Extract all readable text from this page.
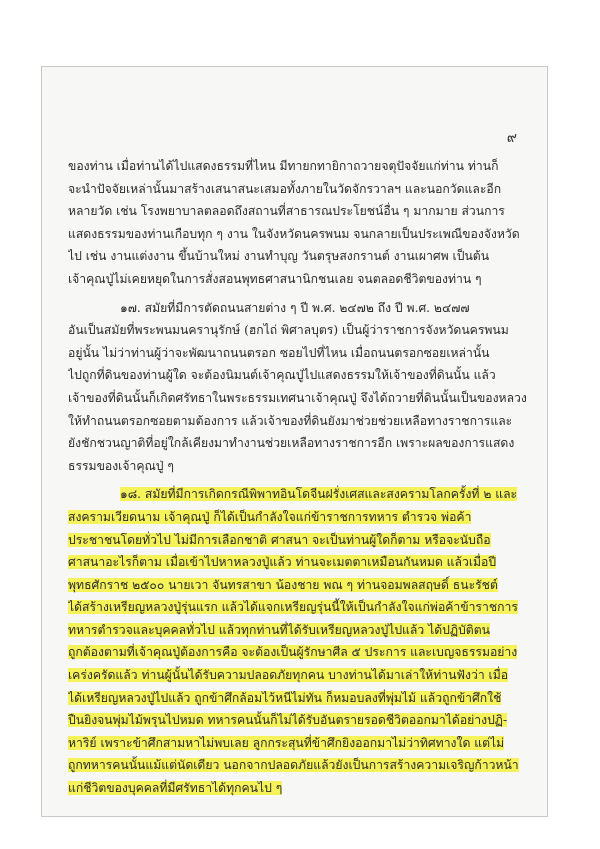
๙
ของท่าน เมื่อท่านได้ไปแสดงธรรมที่ไหน มีทายกทายิกาถวายจตุปัจจัยแก่ท่าน ท่านก็
จะนำปัจจัยเหล่านั้นมาสร้างเสนาสนะเสมอทั้งภายในวัดจักรวาลฯ และนอกวัดและอีก
หลายวัด เช่น โรงพยาบาลตลอดถึงสถานที่สาธารณประโยชน์อื่น ๆ มากมาย ส่วนการ
แสดงธรรมของท่านเกือบทุก ๆ งาน ในจังหวัดนครพนม จนกลายเป็นประเพณีของจังหวัด
ไป เช่น งานแต่งงาน ขึ้นบ้านใหม่ งานทำบุญ วันตรุษสงกรานต์ งานเผาศพ เป็นต้น
เจ้าคุณปู่ไม่เคยหยุดในการสั่งสอนพุทธศาสนานิกชนเลย จนตลอดชีวิตของท่าน ๆ
๑๗. สมัยที่มีการตัดถนนสายต่าง ๆ ปี พ.ศ. ๒๔๗๒ ถึง ปี พ.ศ. ๒๔๗๗
อันเป็นสมัยที่พระพนมนครานุรักษ์ (ฮกไถ่ พิศาลบุตร) เป็นผู้ว่าราชการจังหวัดนครพนม
อยู่นั้น ไม่ว่าท่านผู้ว่าจะพัฒนาถนนตรอก ซอยไปที่ไหน เมื่อถนนตรอกซอยเหล่านั้น
ไปถูกที่ดินของท่านผู้ใด จะต้องนิมนต์เจ้าคุณปู่ไปแสดงธรรมให้เจ้าของที่ดินนั้น แล้ว
เจ้าของที่ดินนั้นก็เกิดศรัทธาในพระธรรมเทศนาเจ้าคุณปู่ จึงได้ถวายที่ดินนั้นเป็นของหลวง
ให้ทำถนนตรอกซอยตามต้องการ แล้วเจ้าของที่ดินยังมาช่วยช่วยเหลือทางราชการและ
ยังชักชวนญาติที่อยู่ใกล้เคียงมาทำงานช่วยเหลือทางราชการอีก เพราะผลของการแสดง
ธรรมของเจ้าคุณปู่ ๆ
๑๘. สมัยที่มีการเกิดกรณีพิพาทอินโดจีนฝรั่งเศสและสงครามโลกครั้งที่ ๒ และ
สงครามเวียดนาม เจ้าคุณปู่ ก็ได้เป็นกำลังใจแก่ข้าราชการทหาร ตำรวจ พ่อค้า
ประชาชนโดยทั่วไป ไม่มีการเลือกชาติ ศาสนา จะเป็นท่านผู้ใดก็ตาม หรือจะนับถือ
ศาสนาอะไรก็ตาม เมื่อเข้าไปหาหลวงปู่แล้ว ท่านจะเมตตาเหมือนกันหมด แล้วเมื่อปี
พุทธศักราช ๒๕๐๐ นายเวา จันทรสาขา น้องชาย พณ ๆ ท่านจอมพลสฤษดิ์ ธนะรัชต์
ได้สร้างเหรียญหลวงปู่รุ่นแรก แล้วได้แจกเหรียญรุ่นนี้ให้เป็นกำลังใจแก่พ่อค้าข้าราชการ
ทหารตำรวจและบุคคลทั่วไป แล้วทุกท่านที่ได้รับเหรียญหลวงปู่ไปแล้ว ได้ปฏิบัติตน
ถูกต้องตามที่เจ้าคุณปู่ต้องการคือ จะต้องเป็นผู้รักษาศีล ๕ ประการ และเบญจธรรมอย่าง
เคร่งครัดแล้ว ท่านผู้นั้นได้รับความปลอดภัยทุกคน บางท่านได้มาเล่าให้ท่านฟังว่า เมื่อ
ได้เหรียญหลวงปู่ไปแล้ว ถูกข้าศึกล้อมไว้หนีไม่ทัน ก็หมอบลงที่พุ่มไม้ แล้วถูกข้าศึกใช้
ปืนยิงจนพุ่มไม้พรุนไปหมด ทหารคนนั้นก็ไม่ได้รับอันตรายรอดชีวิตออกมาได้อย่างปฏิ-
หาริย์ เพราะข้าศึกสามหาไม่พบเลย ลูกกระสุนที่ข้าศึกยิงออกมาไม่ว่าทิศทางใด แต่ไม่
ถูกทหารคนนั้นแม้แต่นัดเดียว นอกจากปลอดภัยแล้วยังเป็นการสร้างความเจริญก้าวหน้า
แก่ชีวิตของบุคคลที่มีศรัทธาได้ทุกคนไป ๆ
